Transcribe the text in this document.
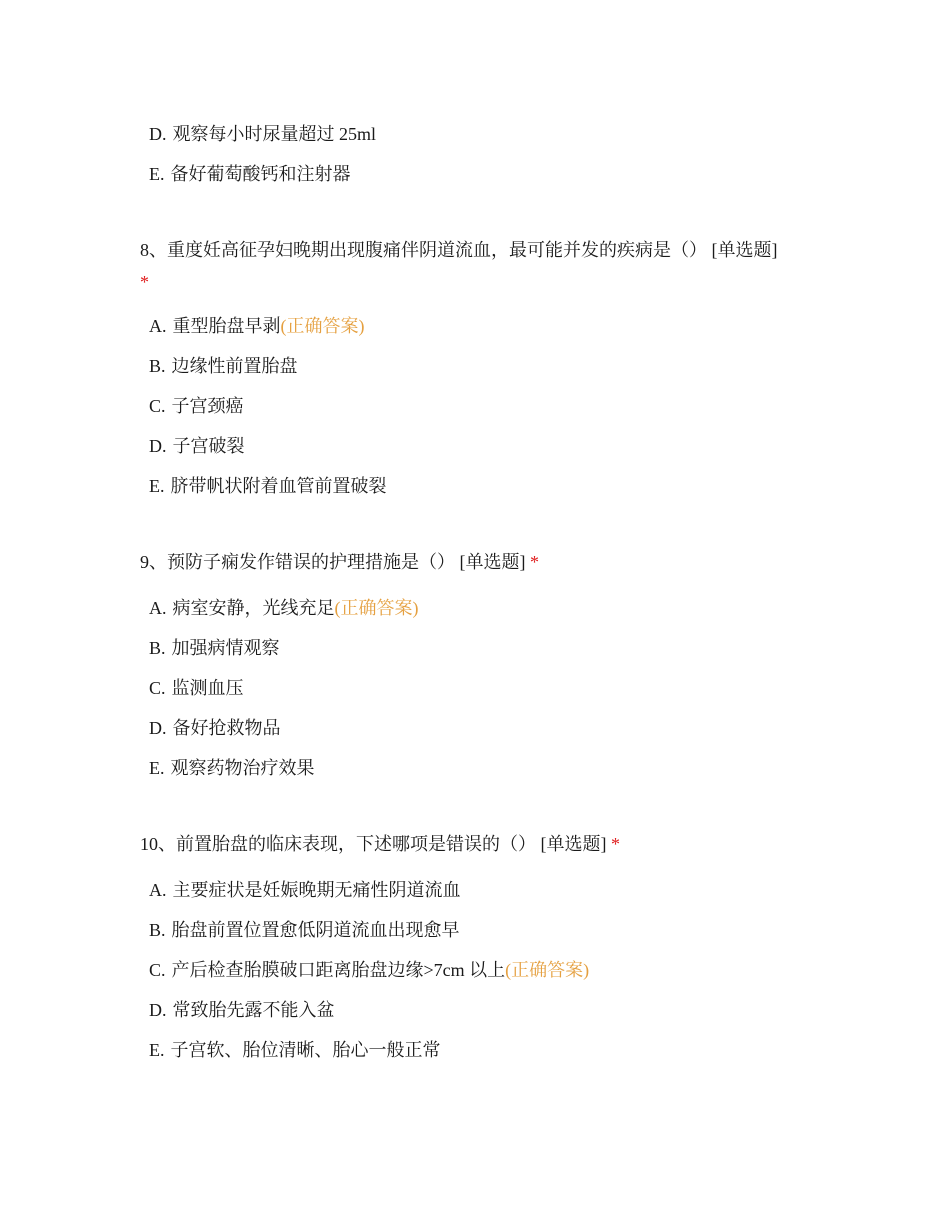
D. 观察每小时尿量超过 25ml
E. 备好葡萄酸钙和注射器
8、重度妊高征孕妇晚期出现腹痛伴阴道流血，最可能并发的疾病是（） [单选题]
*
A. 重型胎盘早剥(正确答案)
B. 边缘性前置胎盘
C. 子宫颈癌
D. 子宫破裂
E. 脐带帆状附着血管前置破裂
9、预防子痫发作错误的护理措施是（） [单选题] *
A. 病室安静，光线充足(正确答案)
B. 加强病情观察
C. 监测血压
D. 备好抢救物品
E. 观察药物治疗效果
10、前置胎盘的临床表现，下述哪项是错误的（） [单选题] *
A. 主要症状是妊娠晚期无痛性阴道流血
B. 胎盘前置位置愈低阴道流血出现愈早
C. 产后检查胎膜破口距离胎盘边缘>7cm 以上(正确答案)
D. 常致胎先露不能入盆
E. 子宫软、胎位清晰、胎心一般正常
